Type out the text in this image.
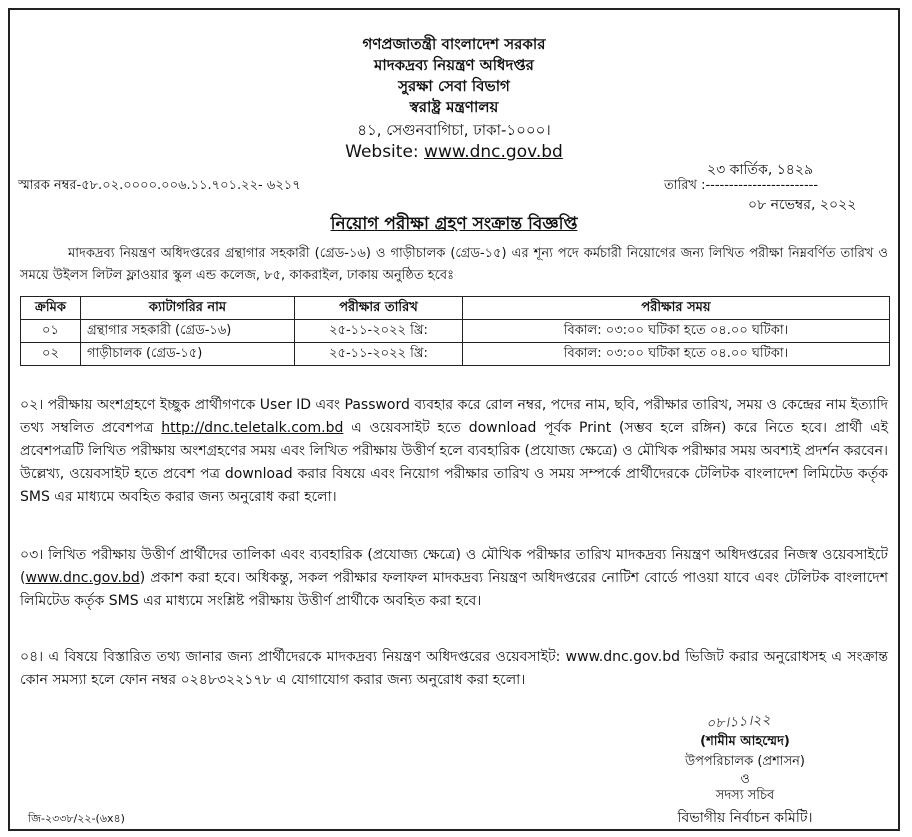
গণপ্রজাতন্ত্রী বাংলাদেশ সরকার
মাদকদ্রব্য নিয়ন্ত্রণ অধিদপ্তর
সুরক্ষা সেবা বিভাগ
স্বরাষ্ট্র মন্ত্রণালয়
৪১, সেগুনবাগিচা, ঢাকা-১০০০।
Website: www.dnc.gov.bd
২৩ কার্তিক, ১৪২৯
স্মারক নম্বর-৫৮.০২.০০০০.০০৬.১১.৭০১.২২- ৬২১৭	তারিখ :------------------------
০৮ নভেম্বর, ২০২২
নিয়োগ পরীক্ষা গ্রহণ সংক্রান্ত বিজ্ঞপ্তি
মাদকদ্রব্য নিয়ন্ত্রণ অধিদপ্তরের গ্রন্থাগার সহকারী (গ্রেড-১৬) ও গাড়ীচালক (গ্রেড-১৫) এর শূন্য পদে কর্মচারী নিয়োগের জন্য লিখিত পরীক্ষা নিম্নবর্ণিত তারিখ ও সময়ে উইলস লিটল ফ্লাওয়ার স্কুল এন্ড কলেজ, ৮৫, কাকরাইল, ঢাকায় অনুষ্ঠিত হবেঃ
ক্রমিক	ক্যাটাগরির নাম	পরীক্ষার তারিখ	পরীক্ষার সময়
০১	গ্রন্থাগার সহকারী (গ্রেড-১৬)	২৫-১১-২০২২ খ্রি:	বিকাল: ০৩:০০ ঘটিকা হতে ০৪.০০ ঘটিকা।
০২	গাড়ীচালক (গ্রেড-১৫)	২৫-১১-২০২২ খ্রি:	বিকাল: ০৩:০০ ঘটিকা হতে ০৪.০০ ঘটিকা।
০২। পরীক্ষায় অংশগ্রহণে ইচ্ছুক প্রার্থীগণকে User ID এবং Password ব্যবহার করে রোল নম্বর, পদের নাম, ছবি, পরীক্ষার তারিখ, সময় ও কেন্দ্রের নাম ইত্যাদি তথ্য সম্বলিত প্রবেশপত্র http://dnc.teletalk.com.bd এ ওয়েবসাইট হতে download পূর্বক Print (সম্ভব হলে রঙ্গিন) করে নিতে হবে। প্রার্থী এই প্রবেশপত্রটি লিখিত পরীক্ষায় অংশগ্রহণের সময় এবং লিখিত পরীক্ষায় উত্তীর্ণ হলে ব্যবহারিক (প্রযোজ্য ক্ষেত্রে) ও মৌখিক পরীক্ষার সময় অবশ্যই প্রদর্শন করবেন। উল্লেখ্য, ওয়েবসাইট হতে প্রবেশ পত্র download করার বিষয়ে এবং নিয়োগ পরীক্ষার তারিখ ও সময় সম্পর্কে প্রার্থীদেরকে টেলিটক বাংলাদেশ লিমিটেড কর্তৃক SMS এর মাধ্যমে অবহিত করার জন্য অনুরোধ করা হলো।
০৩। লিখিত পরীক্ষায় উত্তীর্ণ প্রার্থীদের তালিকা এবং ব্যবহারিক (প্রযোজ্য ক্ষেত্রে) ও মৌখিক পরীক্ষার তারিখ মাদকদ্রব্য নিয়ন্ত্রণ অধিদপ্তরের নিজস্ব ওয়েবসাইটে (www.dnc.gov.bd) প্রকাশ করা হবে। অধিকন্তু, সকল পরীক্ষার ফলাফল মাদকদ্রব্য নিয়ন্ত্রণ অধিদপ্তরের নোটিশ বোর্ডে পাওয়া যাবে এবং টেলিটক বাংলাদেশ লিমিটেড কর্তৃক SMS এর মাধ্যমে সংশ্লিষ্ট পরীক্ষায় উত্তীর্ণ প্রার্থীকে অবহিত করা হবে।
০৪। এ বিষয়ে বিস্তারিত তথ্য জানার জন্য প্রার্থীদেরকে মাদকদ্রব্য নিয়ন্ত্রণ অধিদপ্তরের ওয়েবসাইট: www.dnc.gov.bd ভিজিট করার অনুরোধসহ এ সংক্রান্ত কোন সমস্যা হলে ফোন নম্বর ০২৪৮৩২২১৭৮ এ যোগাযোগ করার জন্য অনুরোধ করা হলো।
০৮।১১।২২
(শামীম আহম্মেদ)
উপপরিচালক (প্রশাসন)
ও
সদস্য সচিব
বিভাগীয় নির্বাচন কমিটি।
জি-২৩৩৮/২২-(৬x৪)
